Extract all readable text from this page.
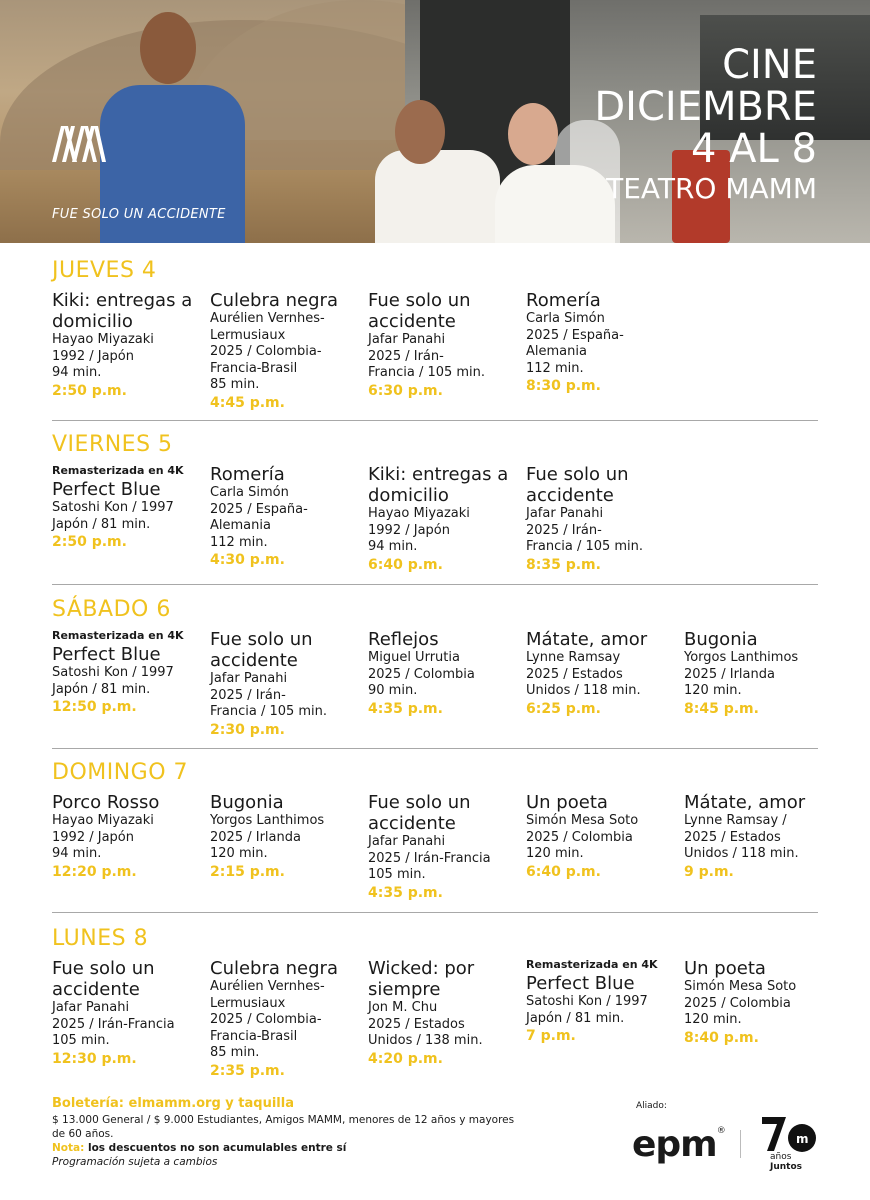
FUE SOLO UN ACCIDENTE
CINE
DICIEMBRE
4 AL 8
TEATRO MAMM
JUEVES 4
Kiki: entregas a domicilio
Hayao Miyazaki
1992 / Japón
94 min.
2:50 p.m.
Culebra negra
Aurélien Vernhes-
Lermusiaux
2025 / Colombia-
Francia-Brasil
85 min.
4:45 p.m.
Fue solo un accidente
Jafar Panahi
2025 / Irán-
Francia / 105 min.
6:30 p.m.
Romería
Carla Simón
2025 / España-
Alemania
112 min.
8:30 p.m.
VIERNES 5
Remasterizada en 4K
Perfect Blue
Satoshi Kon / 1997
Japón / 81 min.
2:50 p.m.
Romería
Carla Simón
2025 / España-
Alemania
112 min.
4:30 p.m.
Kiki: entregas a domicilio
Hayao Miyazaki
1992 / Japón
94 min.
6:40 p.m.
Fue solo un accidente
Jafar Panahi
2025 / Irán-
Francia / 105 min.
8:35 p.m.
SÁBADO 6
Remasterizada en 4K
Perfect Blue
Satoshi Kon / 1997
Japón / 81 min.
12:50 p.m.
Fue solo un accidente
Jafar Panahi
2025 / Irán-
Francia / 105 min.
2:30 p.m.
Reflejos
Miguel Urrutia
2025 / Colombia
90 min.
4:35 p.m.
Mátate, amor
Lynne Ramsay
2025 / Estados
Unidos / 118 min.
6:25 p.m.
Bugonia
Yorgos Lanthimos
2025 / Irlanda
120 min.
8:45 p.m.
DOMINGO 7
Porco Rosso
Hayao Miyazaki
1992 / Japón
94 min.
12:20 p.m.
Bugonia
Yorgos Lanthimos
2025 / Irlanda
120 min.
2:15 p.m.
Fue solo un accidente
Jafar Panahi
2025 / Irán-Francia
105 min.
4:35 p.m.
Un poeta
Simón Mesa Soto
2025 / Colombia
120 min.
6:40 p.m.
Mátate, amor
Lynne Ramsay /
2025 / Estados
Unidos / 118 min.
9 p.m.
LUNES 8
Fue solo un accidente
Jafar Panahi
2025 / Irán-Francia
105 min.
12:30 p.m.
Culebra negra
Aurélien Vernhes-
Lermusiaux
2025 / Colombia-
Francia-Brasil
85 min.
2:35 p.m.
Wicked: por siempre
Jon M. Chu
2025 / Estados
Unidos / 138 min.
4:20 p.m.
Remasterizada en 4K
Perfect Blue
Satoshi Kon / 1997
Japón / 81 min.
7 p.m.
Un poeta
Simón Mesa Soto
2025 / Colombia
120 min.
8:40 p.m.
Boletería: elmamm.org y taquilla
$ 13.000 General / $ 9.000 Estudiantes, Amigos MAMM, menores de 12 años y mayores de 60 años.
Nota: los descuentos no son acumulables entre sí
Programación sujeta a cambios
Aliado:
epm®
m
años
Juntos
